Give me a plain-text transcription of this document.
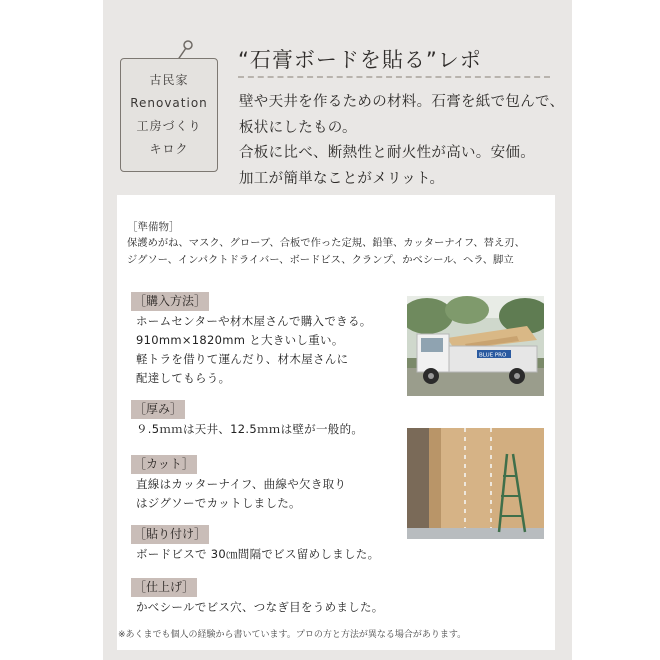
古民家
Renovation
工房づくり
キロク
“石膏ボードを貼る”レポ
壁や天井を作るための材料。石膏を紙で包んで、
板状にしたもの。
合板に比べ、断熱性と耐火性が高い。安価。
加工が簡単なことがメリット。
［準備物］
保護めがね、マスク、グローブ、合板で作った定規、鉛筆、カッターナイフ、替え刃、
ジグソー、インパクトドライバー、ボードビス、クランプ、かべシール、ヘラ、脚立
［購入方法］
ホームセンターや材木屋さんで購入できる。
910mm×1820mm と大きいし重い。
軽トラを借りて運んだり、材木屋さんに
配達してもらう。
［厚み］
９.5ｍｍは天井、12.5ｍｍは壁が一般的。
［カット］
直線はカッターナイフ、曲線や欠き取り
はジグソーでカットしました。
［貼り付け］
ボードビスで 30㎝間隔でビス留めしました。
［仕上げ］
かべシールでビス穴、つなぎ目をうめました。
※あくまでも個人の経験から書いています。プロの方と方法が異なる場合があります。
BLUE PRO
